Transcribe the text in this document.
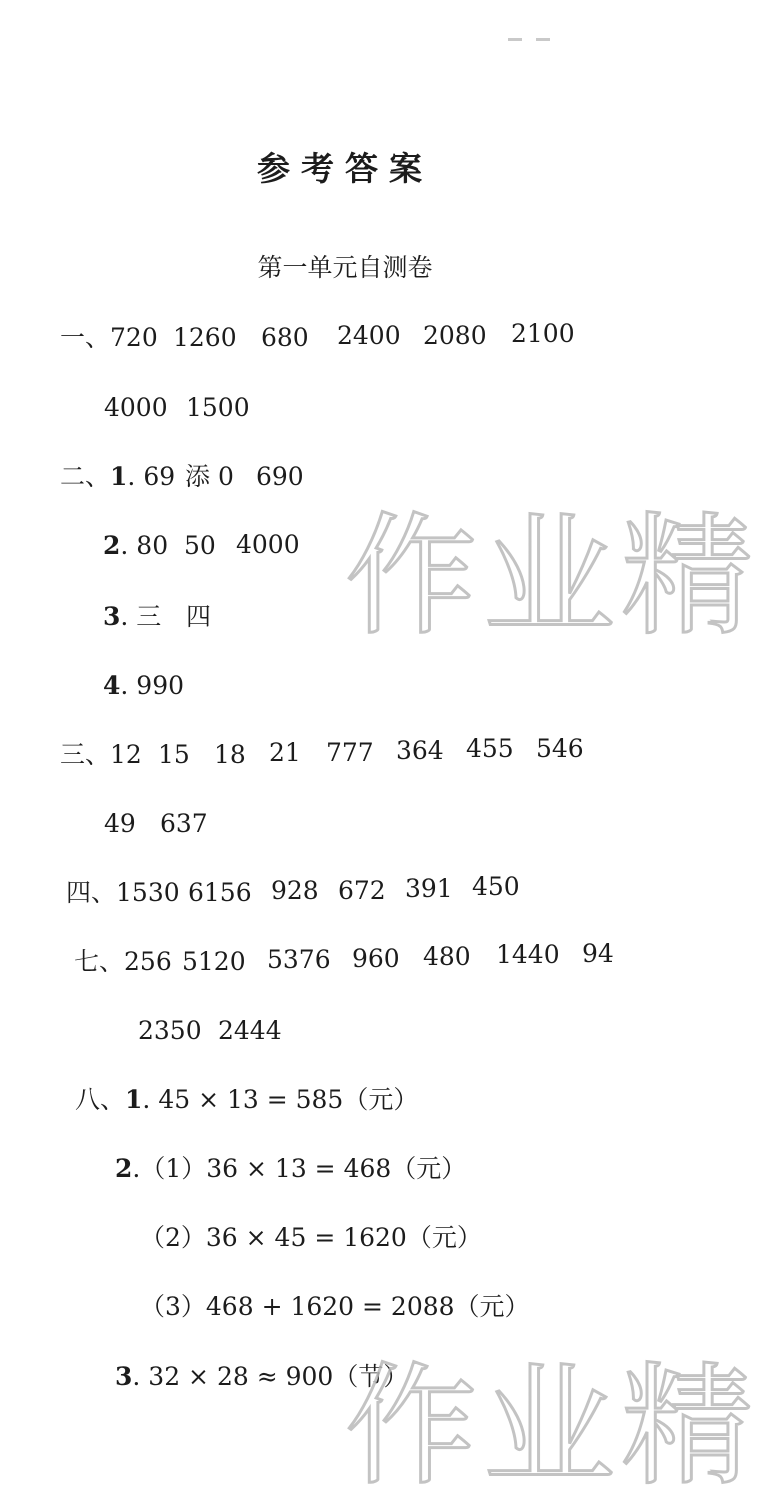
参考答案
第一单元自测卷
一、720 1260 680 2400 2080 2100
4000 1500
二、1. 69 添 0 690
2. 80 50 4000
3. 三 四
4. 990
三、12 15 18 21 777 364 455 546
49 637
四、1530 6156 928 672 391 450
七、256 5120 5376 960 480 1440 94
2350 2444
八、1. 45 × 13 = 585（元）
2.（1）36 × 13 = 468（元）
（2）36 × 45 = 1620（元）
（3）468 + 1620 = 2088（元）
3. 32 × 28 ≈ 900（节）
作业精
作业精
